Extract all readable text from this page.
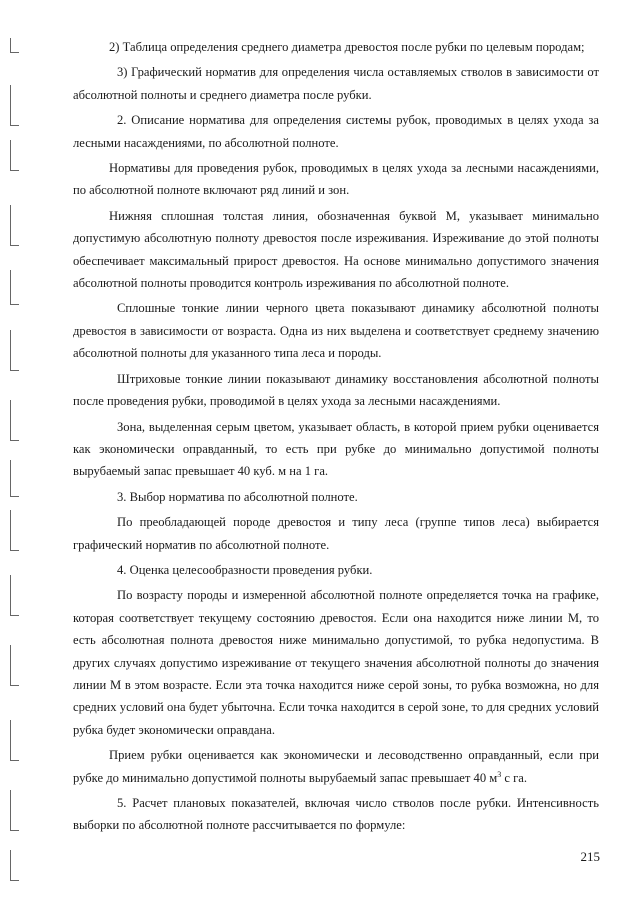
2) Таблица определения среднего диаметра древостоя после рубки по целевым породам;

3) Графический норматив для определения числа оставляемых стволов в зависимости от абсолютной полноты и среднего диаметра после рубки.

2. Описание норматива для определения системы рубок, проводимых в целях ухода за лесными насаждениями, по абсолютной полноте.

Нормативы для проведения рубок, проводимых в целях ухода за лесными насаждениями, по абсолютной полноте включают ряд линий и зон.

Нижняя сплошная толстая линия, обозначенная буквой М, указывает минимально допустимую абсолютную полноту древостоя после изреживания. Изреживание до этой полноты обеспечивает максимальный прирост древостоя. На основе минимально допустимого значения абсолютной полноты проводится контроль изреживания по абсолютной полноте.

Сплошные тонкие линии черного цвета показывают динамику абсолютной полноты древостоя в зависимости от возраста. Одна из них выделена и соответствует среднему значению абсолютной полноты для указанного типа леса и породы.

Штриховые тонкие линии показывают динамику восстановления абсолютной полноты после проведения рубки, проводимой в целях ухода за лесными насаждениями.

Зона, выделенная серым цветом, указывает область, в которой прием рубки оценивается как экономически оправданный, то есть при рубке до минимально допустимой полноты вырубаемый запас превышает 40 куб. м на 1 га.

3. Выбор норматива по абсолютной полноте.

По преобладающей породе древостоя и типу леса (группе типов леса) выбирается графический норматив по абсолютной полноте.

4. Оценка целесообразности проведения рубки.

По возрасту породы и измеренной абсолютной полноте определяется точка на графике, которая соответствует текущему состоянию древостоя. Если она находится ниже линии М, то есть абсолютная полнота древостоя ниже минимально допустимой, то рубка недопустима. В других случаях допустимо изреживание от текущего значения абсолютной полноты до значения линии М в этом возрасте. Если эта точка находится ниже серой зоны, то рубка возможна, но для средних условий она будет убыточна. Если точка находится в серой зоне, то для средних условий рубка будет экономически оправдана.

Прием рубки оценивается как экономически и лесоводственно оправданный, если при рубке до минимально допустимой полноты вырубаемый запас превышает 40 $м^3$ с га.

5. Расчет плановых показателей, включая число стволов после рубки. Интенсивность выборки по абсолютной полноте рассчитывается по формуле:

215
